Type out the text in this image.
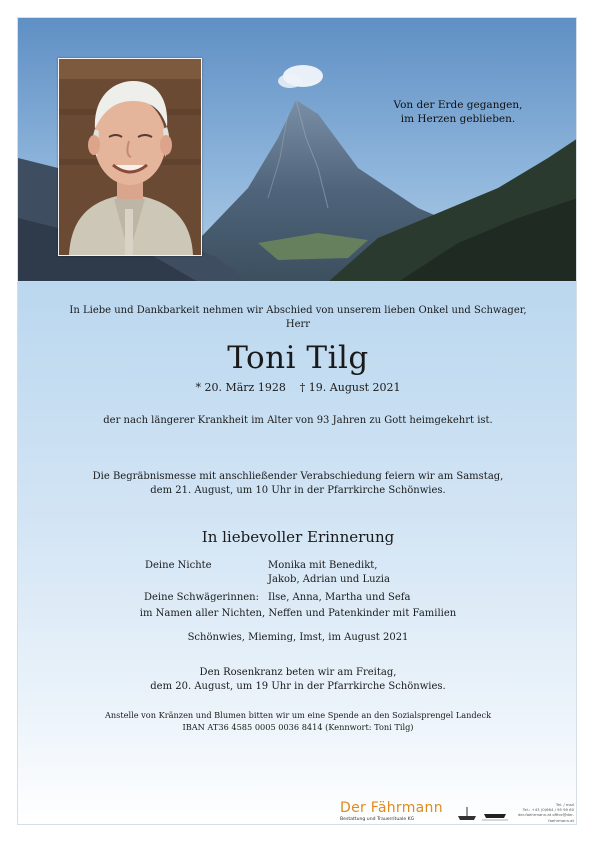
Von der Erde gegangen,
im Herzen geblieben.
In Liebe und Dankbarkeit nehmen wir Abschied von unserem lieben Onkel und Schwager,
Herr
Toni Tilg
* 20. März 1928    † 19. August 2021
der nach längerer Krankheit im Alter von 93 Jahren zu Gott heimgekehrt ist.
Die Begräbnismesse mit anschließender Verabschiedung feiern wir am Samstag,
dem 21. August, um 10 Uhr in der Pfarrkirche Schönwies.
In liebevoller Erinnerung
Deine Nichte	Monika mit Benedikt,
Jakob, Adrian und Luzia
Deine Schwägerinnen: Ilse, Anna, Martha und Sefa
im Namen aller Nichten, Neffen und Patenkinder mit Familien
Schönwies, Mieming, Imst, im August 2021
Den Rosenkranz beten wir am Freitag,
dem 20. August, um 19 Uhr in der Pfarrkirche Schönwies.
Anstelle von Kränzen und Blumen bitten wir um eine Spende an den Sozialsprengel Landeck
IBAN AT36 4585 0005 0036 8414 (Kennwort: Toni Tilg)
Der Fährmann
Bestattung und Trauerrituale KG
Tel. / mail
Tel.: +43 (0)664 / 95 99 60
der-faehrmann.at office@der-faehrmann.at
